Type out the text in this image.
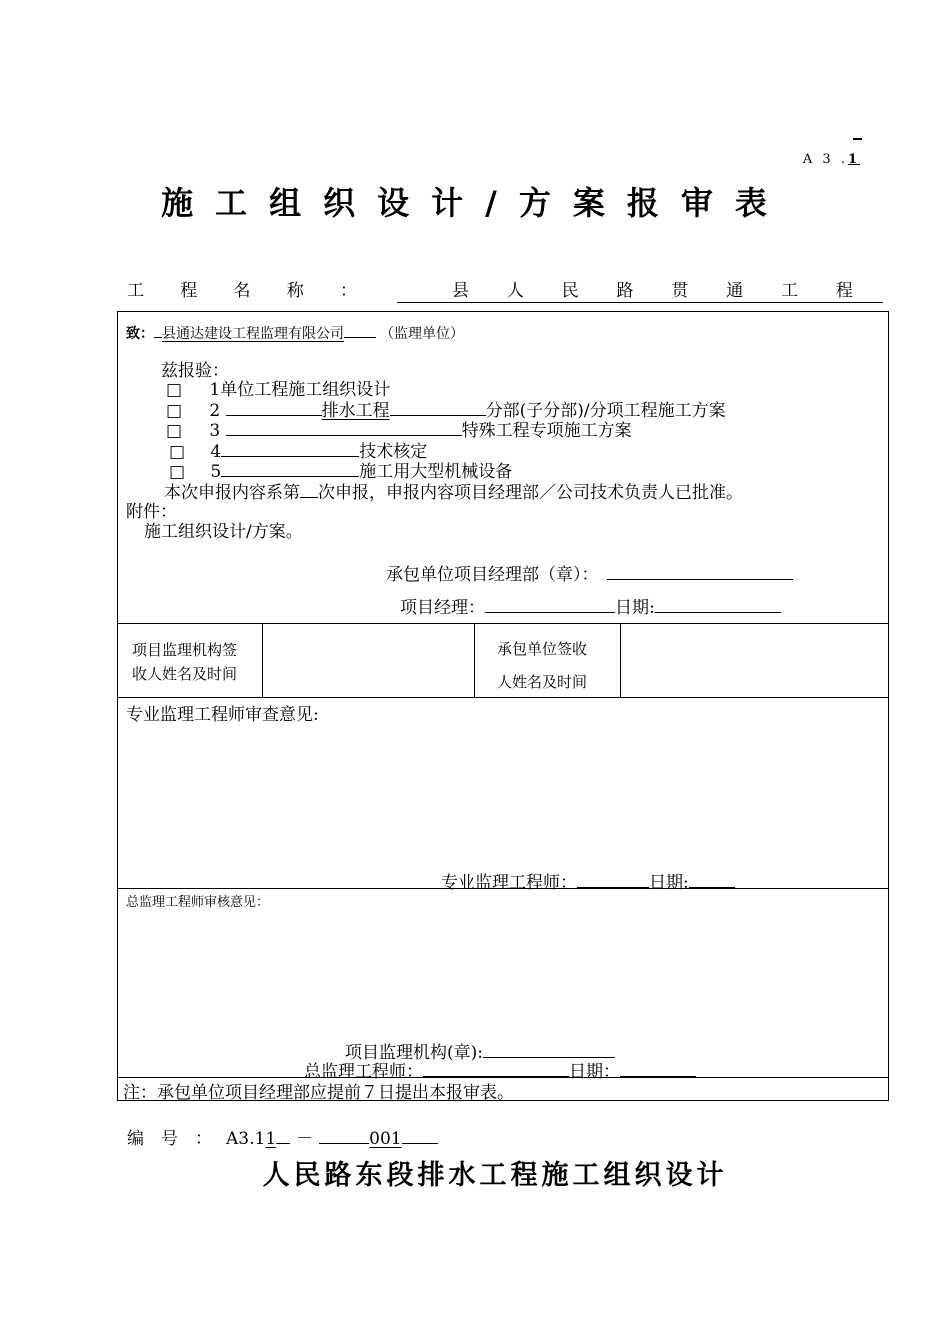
A 3 .1
施工组织设计/方案报审表
工 程 名 称 ：	县 人 民 路 贯 通 工 程
致： 县通达建设工程监理有限公司	（监理单位）
兹报验：
□ 1单位工程施工组织设计
□ 2	排水工程	分部(子分部)/分项工程施工方案
□ 3	特殊工程专项施工方案
□ 4	技术核定
□ 5	施工用大型机械设备
本次申报内容系第 次申报，申报内容项目经理部／公司技术负责人已批准。
附件：
施工组织设计/方案。
承包单位项目经理部（章）：
项目经理：	日期:
项目监理机构签
收人姓名及时间
承包单位签收
人姓名及时间
专业监理工程师审查意见:
专业监理工程师：	日期:
总监理工程师审核意见：
项目监理机构(章):
总监理工程师：	日期：
注：承包单位项目经理部应提前７日提出本报审表。
编　号　： A3.11 －	001
人民路东段排水工程施工组织设计
